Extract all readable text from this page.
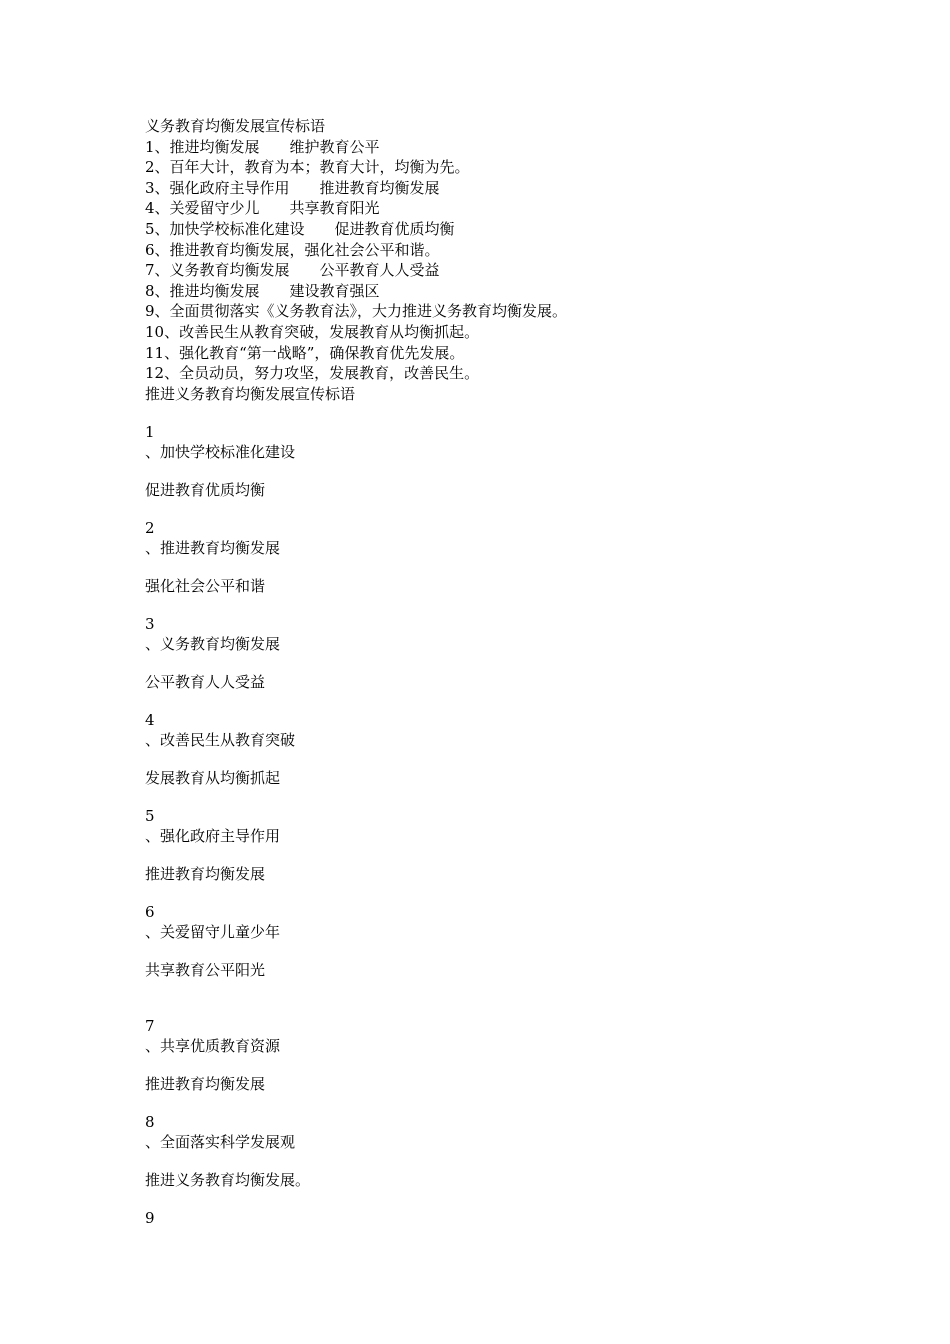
义务教育均衡发展宣传标语
1、推进均衡发展　　维护教育公平
2、百年大计，教育为本；教育大计，均衡为先。
3、强化政府主导作用　　推进教育均衡发展
4、关爱留守少儿　　共享教育阳光
5、加快学校标准化建设　　促进教育优质均衡
6、推进教育均衡发展，强化社会公平和谐。
7、义务教育均衡发展　　公平教育人人受益
8、推进均衡发展　　建设教育强区
9、全面贯彻落实《义务教育法》，大力推进义务教育均衡发展。
10、改善民生从教育突破，发展教育从均衡抓起。
11、强化教育“第一战略”，确保教育优先发展。
12、全员动员，努力攻坚，发展教育，改善民生。
推进义务教育均衡发展宣传标语
1
、加快学校标准化建设
促进教育优质均衡
2
、推进教育均衡发展
强化社会公平和谐
3
、义务教育均衡发展
公平教育人人受益
4
、改善民生从教育突破
发展教育从均衡抓起
5
、强化政府主导作用
推进教育均衡发展
6
、关爱留守儿童少年
共享教育公平阳光
7
、共享优质教育资源
推进教育均衡发展
8
、全面落实科学发展观
推进义务教育均衡发展。
9
